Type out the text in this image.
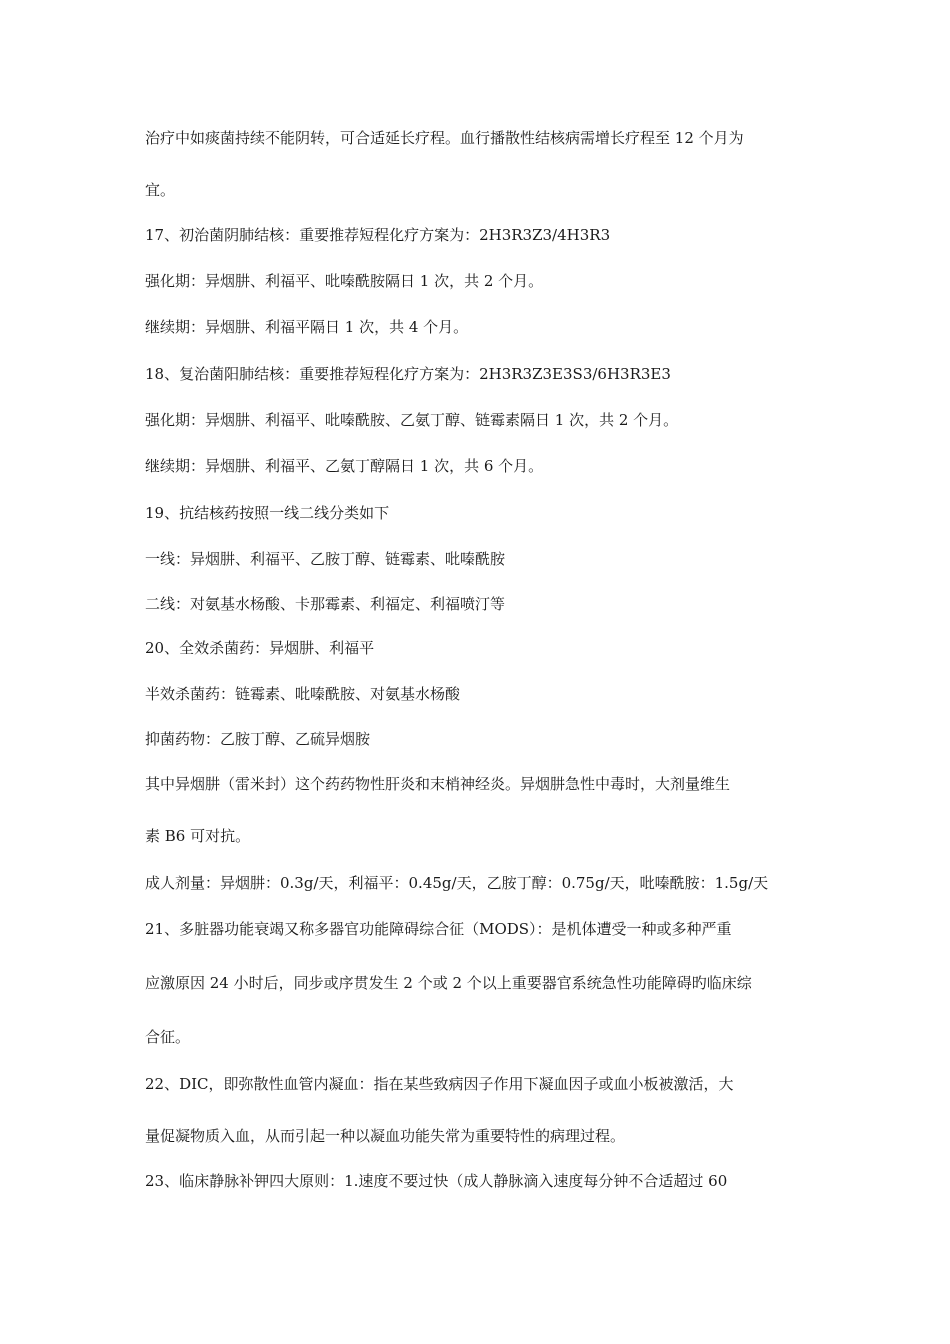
治疗中如痰菌持续不能阴转，可合适延长疗程。血行播散性结核病需增长疗程至 12 个月为
宜。
17、初治菌阴肺结核：重要推荐短程化疗方案为：2H3R3Z3/4H3R3
强化期：异烟肼、利福平、吡嗪酰胺隔日 1 次，共 2 个月。
继续期：异烟肼、利福平隔日 1 次，共 4 个月。
18、复治菌阳肺结核：重要推荐短程化疗方案为：2H3R3Z3E3S3/6H3R3E3
强化期：异烟肼、利福平、吡嗪酰胺、乙氨丁醇、链霉素隔日 1 次，共 2 个月。
继续期：异烟肼、利福平、乙氨丁醇隔日 1 次，共 6 个月。
19、抗结核药按照一线二线分类如下
一线：异烟肼、利福平、乙胺丁醇、链霉素、吡嗪酰胺
二线：对氨基水杨酸、卡那霉素、利福定、利福喷汀等
20、全效杀菌药：异烟肼、利福平
半效杀菌药：链霉素、吡嗪酰胺、对氨基水杨酸
抑菌药物：乙胺丁醇、乙硫异烟胺
其中异烟肼（雷米封）这个药药物性肝炎和末梢神经炎。异烟肼急性中毒时，大剂量维生
素 B6 可对抗。
成人剂量：异烟肼：0.3g/天，利福平：0.45g/天，乙胺丁醇：0.75g/天，吡嗪酰胺：1.5g/天
21、多脏器功能衰竭又称多器官功能障碍综合征（MODS）：是机体遭受一种或多种严重
应激原因 24 小时后，同步或序贯发生 2 个或 2 个以上重要器官系统急性功能障碍旳临床综
合征。
22、DIC，即弥散性血管内凝血：指在某些致病因子作用下凝血因子或血小板被激活，大
量促凝物质入血，从而引起一种以凝血功能失常为重要特性的病理过程。
23、临床静脉补钾四大原则：1.速度不要过快（成人静脉滴入速度每分钟不合适超过 60
